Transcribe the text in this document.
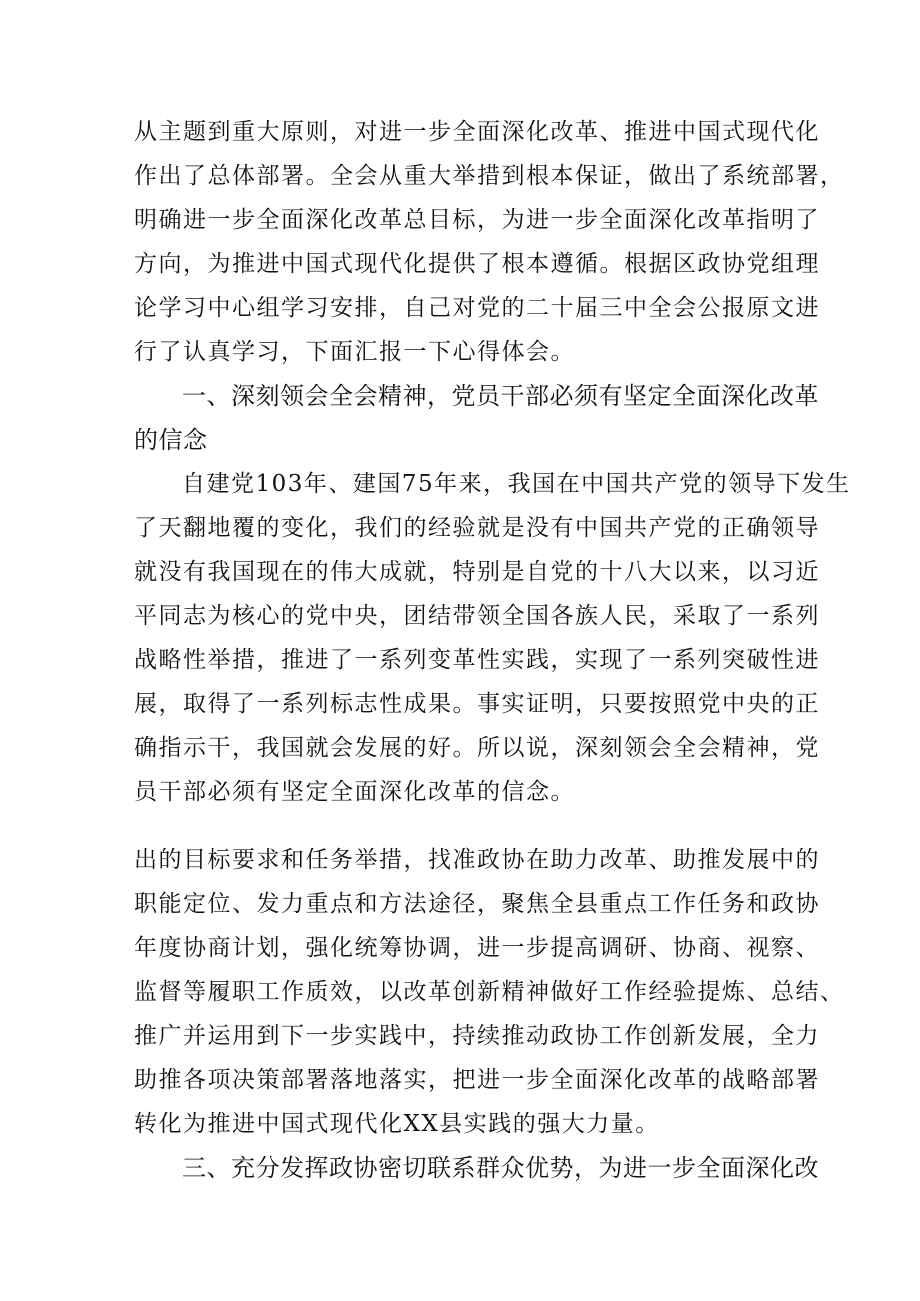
从主题到重大原则，对进一步全面深化改革、推进中国式现代化
作出了总体部署。全会从重大举措到根本保证，做出了系统部署，
明确进一步全面深化改革总目标，为进一步全面深化改革指明了
方向，为推进中国式现代化提供了根本遵循。根据区政协党组理
论学习中心组学习安排，自己对党的二十届三中全会公报原文进
行了认真学习，下面汇报一下心得体会。
一、深刻领会全会精神，党员干部必须有坚定全面深化改革
的信念
自建党103年、建国75年来，我国在中国共产党的领导下发生
了天翻地覆的变化，我们的经验就是没有中国共产党的正确领导
就没有我国现在的伟大成就，特别是自党的十八大以来，以习近
平同志为核心的党中央，团结带领全国各族人民，采取了一系列
战略性举措，推进了一系列变革性实践，实现了一系列突破性进
展，取得了一系列标志性成果。事实证明，只要按照党中央的正
确指示干，我国就会发展的好。所以说，深刻领会全会精神，党
员干部必须有坚定全面深化改革的信念。
出的目标要求和任务举措，找准政协在助力改革、助推发展中的
职能定位、发力重点和方法途径，聚焦全县重点工作任务和政协
年度协商计划，强化统筹协调，进一步提高调研、协商、视察、
监督等履职工作质效，以改革创新精神做好工作经验提炼、总结、
推广并运用到下一步实践中，持续推动政协工作创新发展，全力
助推各项决策部署落地落实，把进一步全面深化改革的战略部署
转化为推进中国式现代化XX县实践的强大力量。
三、充分发挥政协密切联系群众优势，为进一步全面深化改
